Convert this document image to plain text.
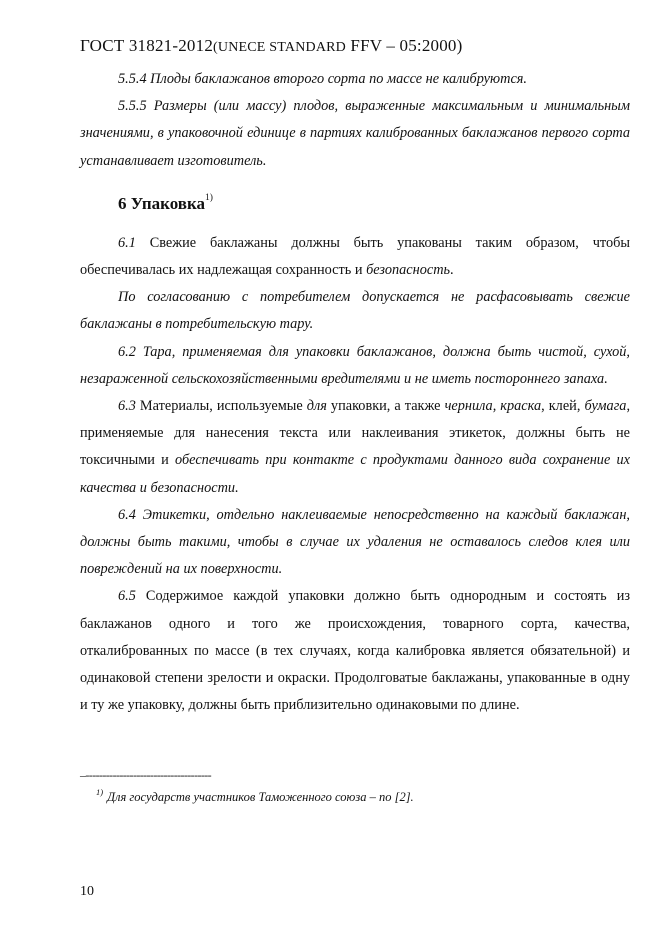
ГОСТ 31821-2012(UNECE STANDARD FFV – 05:2000)

5.5.4 Плоды баклажанов второго сорта по массе не калибруются.

5.5.5 Размеры (или массу) плодов, выраженные максимальным и минимальным значениями, в упаковочной единице в партиях калиброванных баклажанов первого сорта устанавливает изготовитель.

6 Упаковка$^{1)}$

6.1 Свежие баклажаны должны быть упакованы таким образом, чтобы обеспечивалась их надлежащая сохранность и безопасность.

По согласованию с потребителем допускается не расфасовывать свежие баклажаны в потребительскую тару.

6.2 Тара, применяемая для упаковки баклажанов, должна быть чистой, сухой, незараженной сельскохозяйственными вредителями и не иметь постороннего запаха.

6.3 Материалы, используемые для упаковки, а также чернила, краска, клей, бумага, применяемые для нанесения текста или наклеивания этикеток, должны быть не токсичными и обеспечивать при контакте с продуктами данного вида сохранение их качества и безопасности.

6.4 Этикетки, отдельно наклеиваемые непосредственно на каждый баклажан, должны быть такими, чтобы в случае их удаления не оставалось следов клея или повреждений на их поверхности.

6.5 Содержимое каждой упаковки должно быть однородным и состоять из баклажанов одного и того же происхождения, товарного сорта, качества, откалиброванных по массе (в тех случаях, когда калибровка является обязательной) и одинаковой степени зрелости и окраски. Продолговатые баклажаны, упакованные в одну и ту же упаковку, должны быть приблизительно одинаковыми по длине.

–-------------------------------------
$^{1)}$ Для государств участников Таможенного союза – по [2].
10
